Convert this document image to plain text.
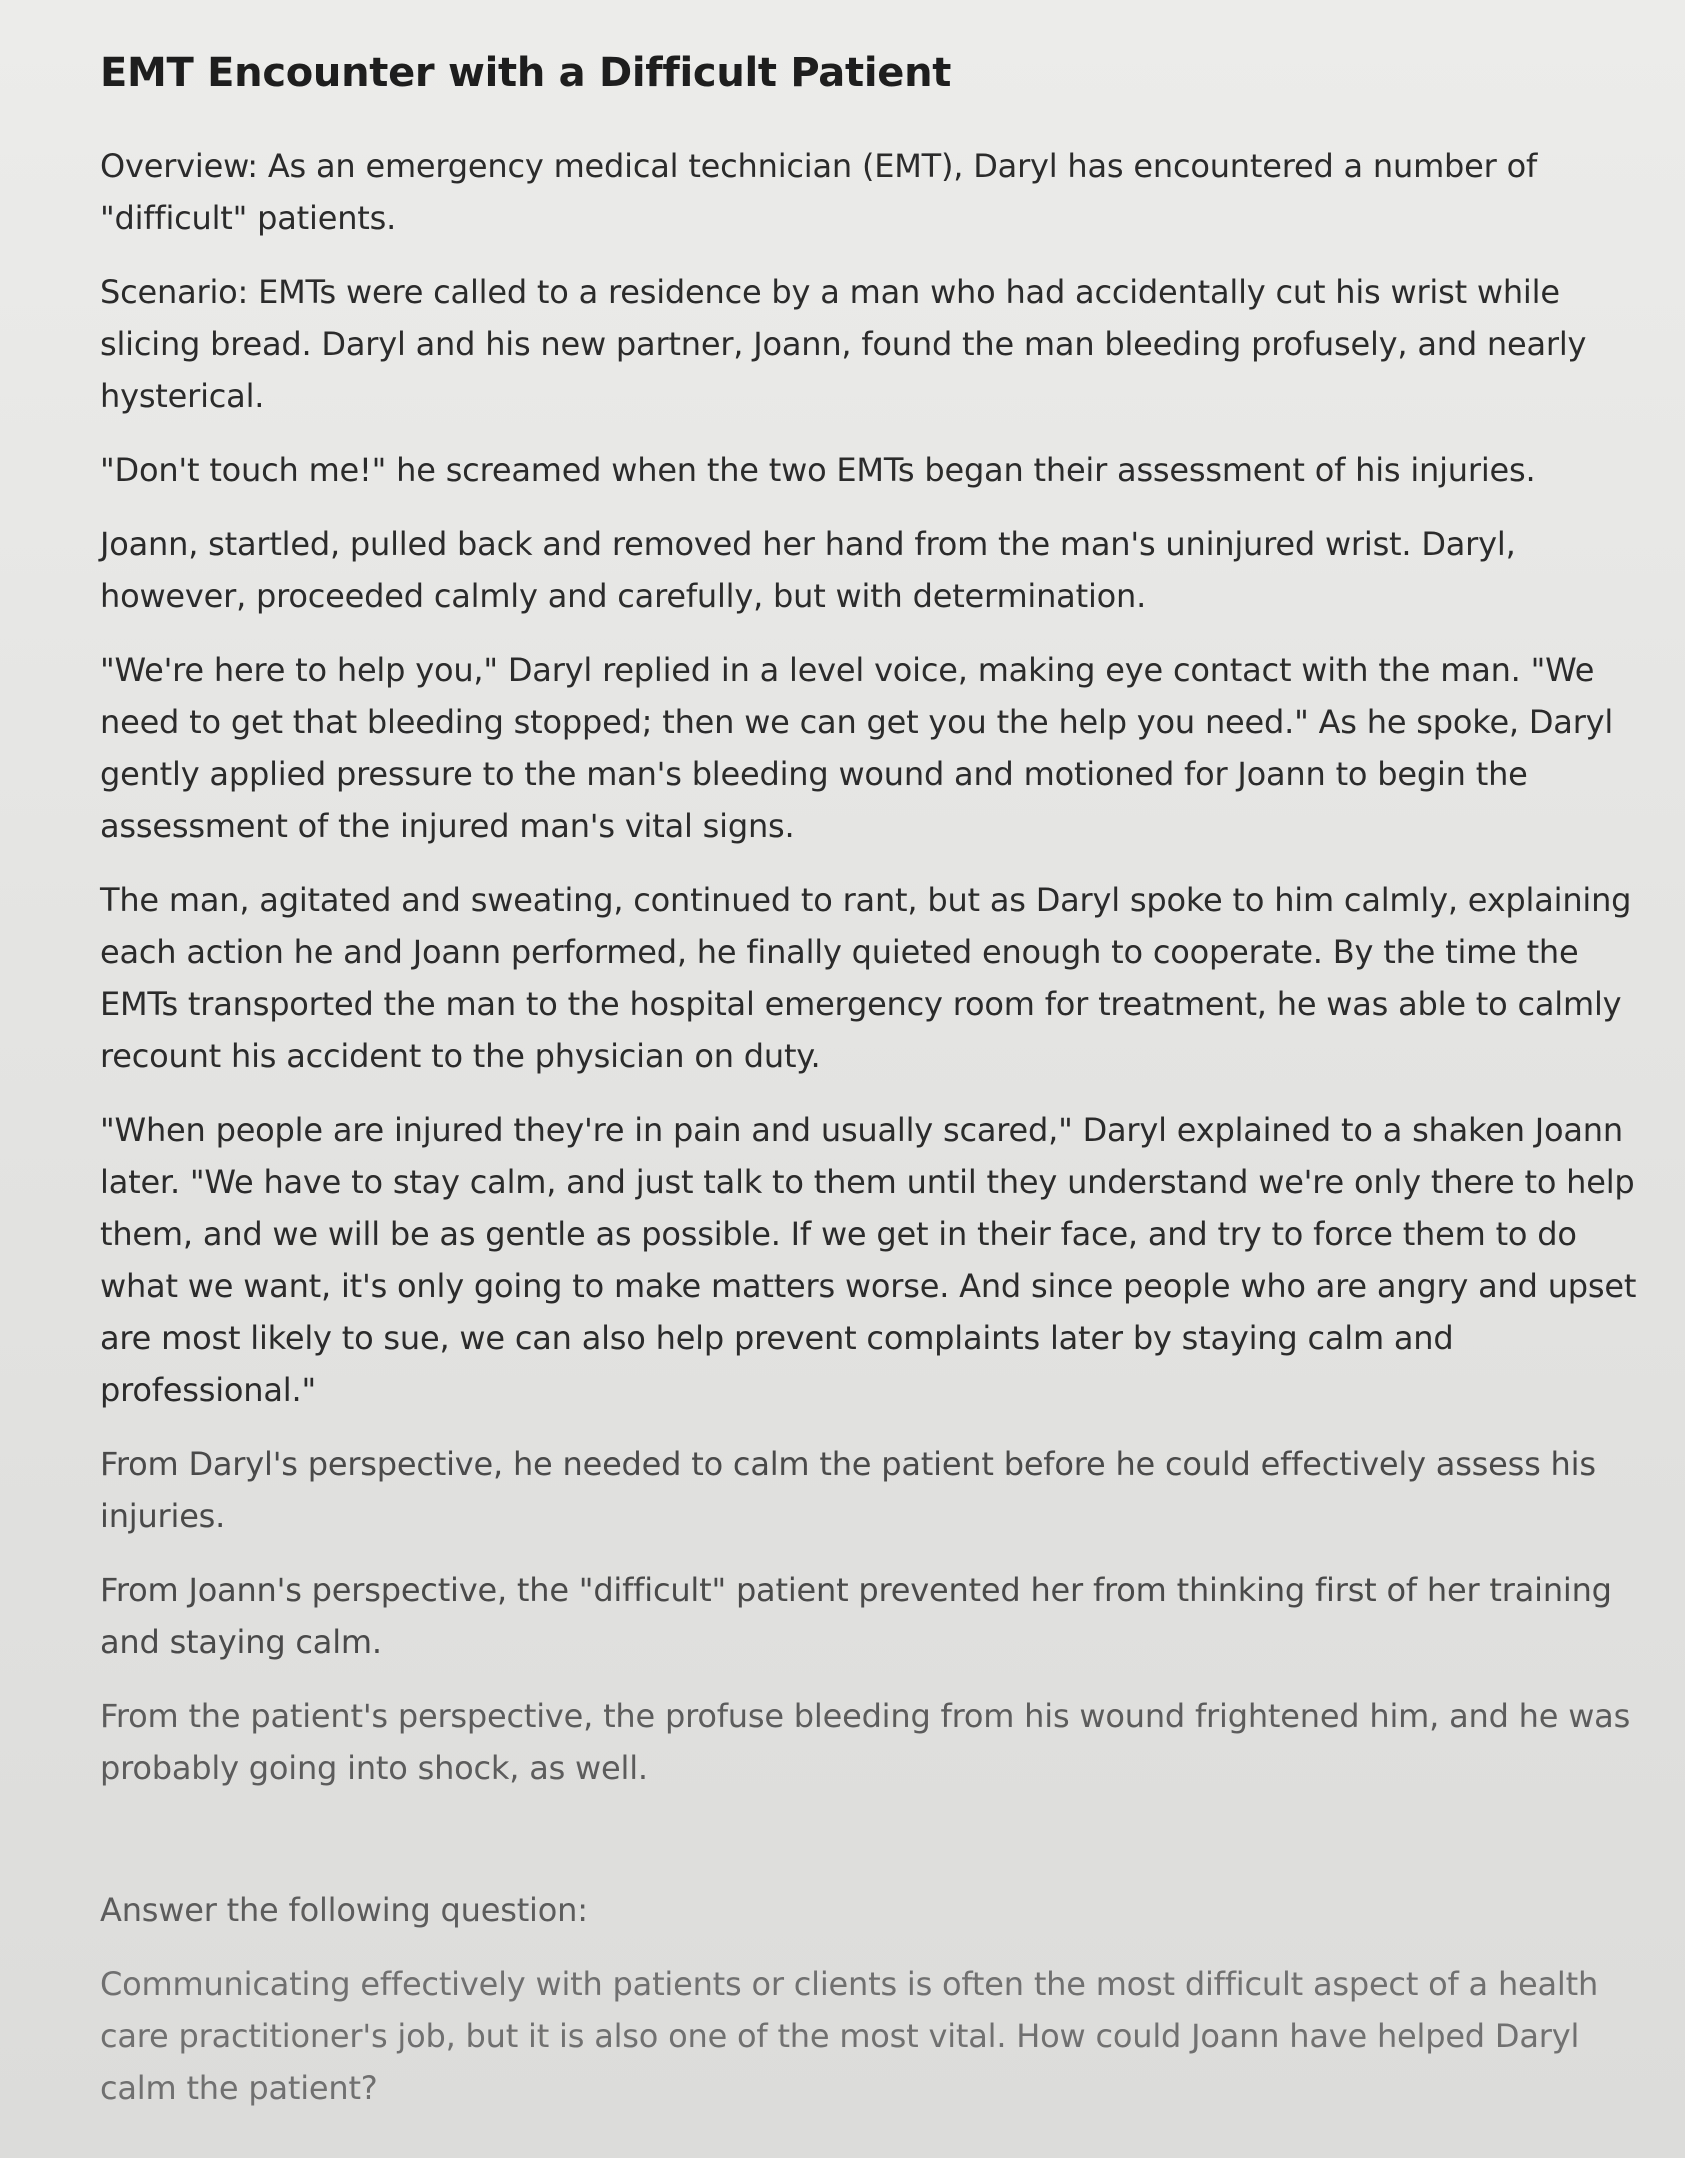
EMT Encounter with a Difficult Patient

Overview: As an emergency medical technician (EMT), Daryl has encountered a number of "difficult" patients.

Scenario: EMTs were called to a residence by a man who had accidentally cut his wrist while slicing bread. Daryl and his new partner, Joann, found the man bleeding profusely, and nearly hysterical.

"Don't touch me!" he screamed when the two EMTs began their assessment of his injuries.

Joann, startled, pulled back and removed her hand from the man's uninjured wrist. Daryl, however, proceeded calmly and carefully, but with determination.

"We're here to help you," Daryl replied in a level voice, making eye contact with the man. "We need to get that bleeding stopped; then we can get you the help you need." As he spoke, Daryl gently applied pressure to the man's bleeding wound and motioned for Joann to begin the assessment of the injured man's vital signs.

The man, agitated and sweating, continued to rant, but as Daryl spoke to him calmly, explaining each action he and Joann performed, he finally quieted enough to cooperate. By the time the EMTs transported the man to the hospital emergency room for treatment, he was able to calmly recount his accident to the physician on duty.

"When people are injured they're in pain and usually scared," Daryl explained to a shaken Joann later. "We have to stay calm, and just talk to them until they understand we're only there to help them, and we will be as gentle as possible. If we get in their face, and try to force them to do what we want, it's only going to make matters worse. And since people who are angry and upset are most likely to sue, we can also help prevent complaints later by staying calm and professional."

From Daryl's perspective, he needed to calm the patient before he could effectively assess his injuries.

From Joann's perspective, the "difficult" patient prevented her from thinking first of her training and staying calm.

From the patient's perspective, the profuse bleeding from his wound frightened him, and he was probably going into shock, as well.

Answer the following question:

Communicating effectively with patients or clients is often the most difficult aspect of a health care practitioner's job, but it is also one of the most vital. How could Joann have helped Daryl calm the patient?
